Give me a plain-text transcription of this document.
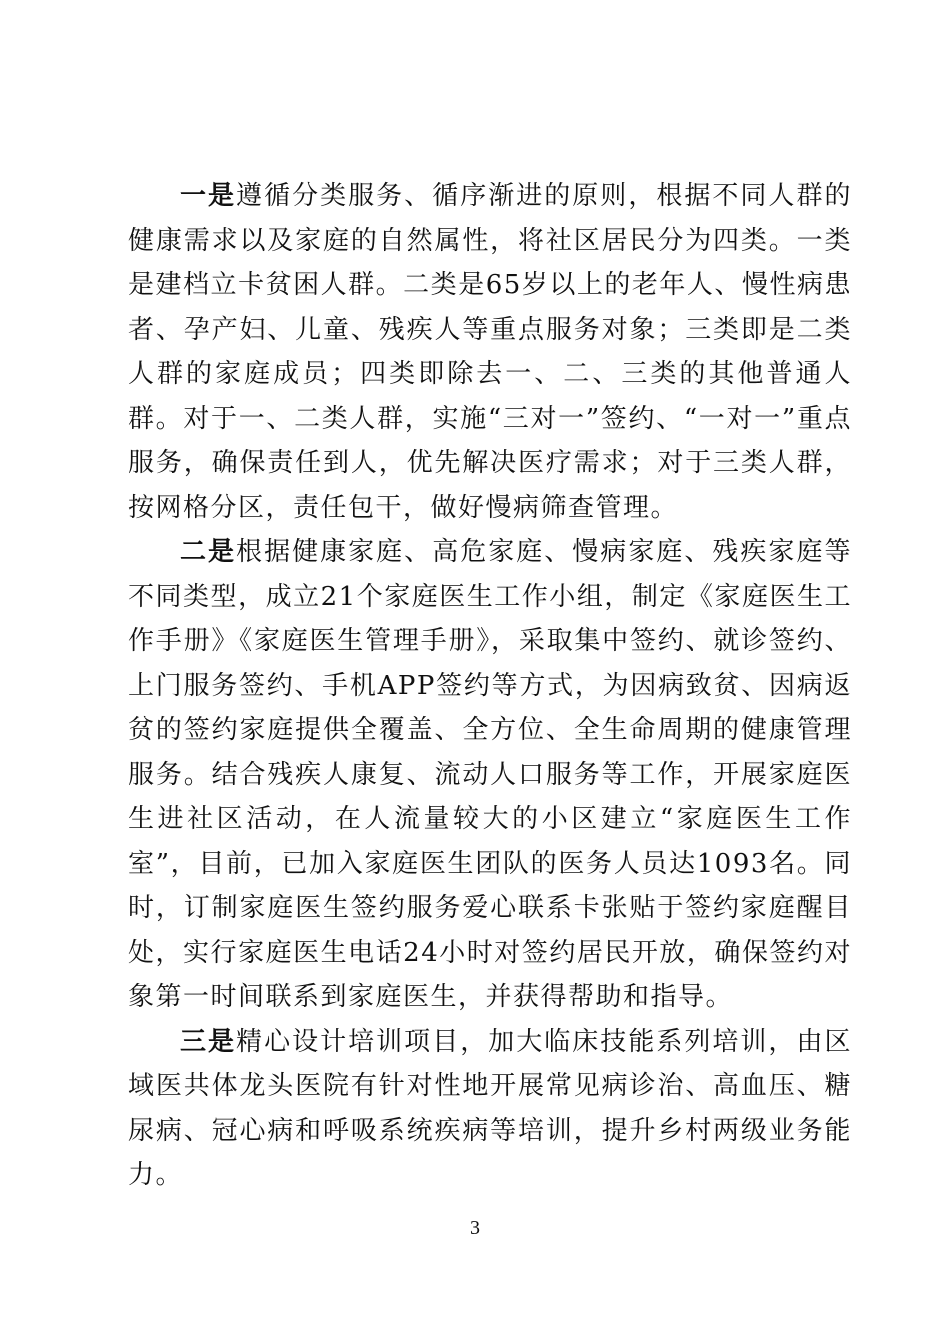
一是遵循分类服务、循序渐进的原则，根据不同人群的健康需求以及家庭的自然属性，将社区居民分为四类。一类是建档立卡贫困人群。二类是65岁以上的老年人、慢性病患者、孕产妇、儿童、残疾人等重点服务对象；三类即是二类人群的家庭成员；四类即除去一、二、三类的其他普通人群。对于一、二类人群，实施“三对一”签约、“一对一”重点服务，确保责任到人，优先解决医疗需求；对于三类人群，按网格分区，责任包干，做好慢病筛查管理。

二是根据健康家庭、高危家庭、慢病家庭、残疾家庭等不同类型，成立21个家庭医生工作小组，制定《家庭医生工作手册》《家庭医生管理手册》，采取集中签约、就诊签约、上门服务签约、手机APP签约等方式，为因病致贫、因病返贫的签约家庭提供全覆盖、全方位、全生命周期的健康管理服务。结合残疾人康复、流动人口服务等工作，开展家庭医生进社区活动，在人流量较大的小区建立“家庭医生工作室”，目前，已加入家庭医生团队的医务人员达1093名。同时，订制家庭医生签约服务爱心联系卡张贴于签约家庭醒目处，实行家庭医生电话24小时对签约居民开放，确保签约对象第一时间联系到家庭医生，并获得帮助和指导。

三是精心设计培训项目，加大临床技能系列培训，由区域医共体龙头医院有针对性地开展常见病诊治、高血压、糖尿病、冠心病和呼吸系统疾病等培训，提升乡村两级业务能力。

3
